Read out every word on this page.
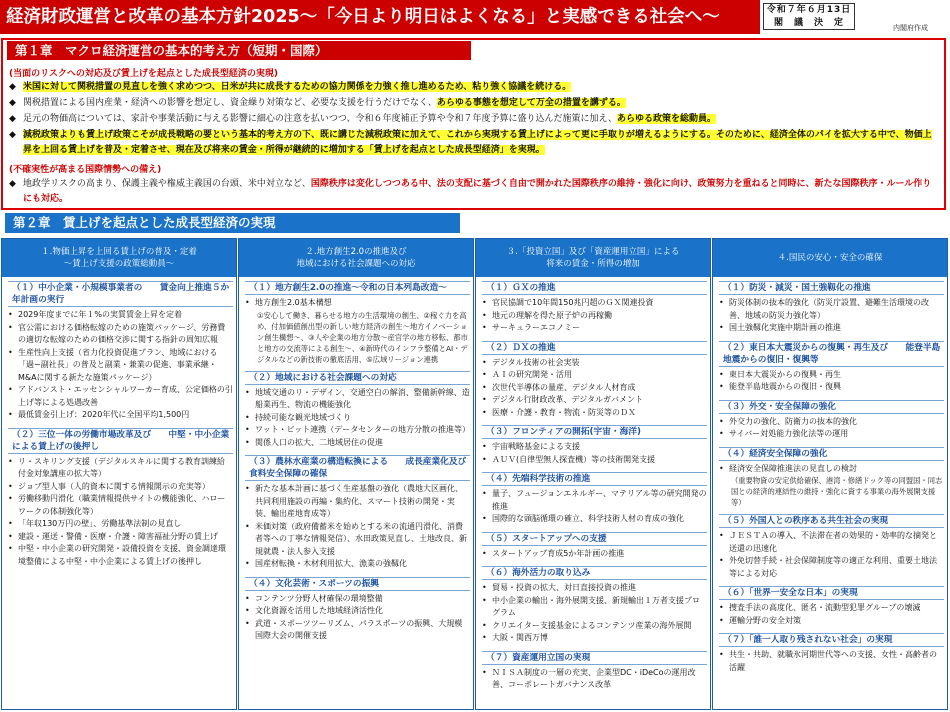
経済財政運営と改革の基本方針2025～「今日より明日はよくなる」と実感できる社会へ～	令和７年６月13日
閣　議　決　定
内閣府作成
第１章　マクロ経済運営の基本的考え方（短期・国際）
(当面のリスクへの対応及び賃上げを起点とした成長型経済の実現)
◆ 米国に対して関税措置の見直しを強く求めつつ、日米が共に成長するための協力関係を力強く推し進めるため、粘り強く協議を続ける。
◆ 関税措置による国内産業・経済への影響を想定し、資金繰り対策など、必要な支援を行うだけでなく、あらゆる事態を想定して万全の措置を講ずる。
◆ 足元の物価高については、家計や事業活動に与える影響に細心の注意を払いつつ、令和６年度補正予算や令和７年度予算に盛り込んだ施策に加え、あらゆる政策を総動員。
◆ 減税政策よりも賃上げ政策こそが成長戦略の要という基本的考え方の下、既に講じた減税政策に加えて、これから実現する賃上げによって更に手取りが増えるようにする。そのために、経済全体のパイを拡大する中で、物価上昇を上回る賃上げを普及・定着させ、現在及び将来の賃金・所得が継続的に増加する「賃上げを起点とした成長型経済」を実現。
(不確実性が高まる国際情勢への備え)
◆ 地政学リスクの高まり、保護主義や権威主義国の台頭、米中対立など、国際秩序は変化しつつある中、法の支配に基づく自由で開かれた国際秩序の維持・強化に向け、政策努力を重ねると同時に、新たな国際秩序・ルール作りにも対応。
第２章　賃上げを起点とした成長型経済の実現
１.物価上昇を上回る賃上げの普及・定着
～賃上げ支援の政策総動員～
（１）中小企業・小規模事業者の　　賃金向上推進５か年計画の実行
• 2029年度までに年１%の実質賃金上昇を定着
• 官公需における価格転嫁のための施策パッケージ、労務費の適切な転嫁のための価格交渉に関する指針の周知広報
• 生産性向上支援（省力化投資促進プラン、地域における「過~副社長」の普及と副業・兼業の促進、事業承継・M&Aに関する新たな施策パッケージ）
• アドバンスト・エッセンシャルワーカー育成、公定価格の引上げ等による処遇改善
• 最低賃金引上げ：2020年代に全国平均1,500円
（２）三位一体の労働市場改革及び　　中堅・中小企業による賃上げの後押し
• リ・スキリング支援（デジタルスキルに関する教育訓練給付金対象講座の拡大等）
• ジョブ型人事（人的資本に関する情報開示の充実等）
• 労働移動円滑化（職業情報提供サイトの機能強化、ハローワークの体制強化等）
• 「年収130万円の壁」、労働基準法制の見直し
• 建設・運送・警備・医療・介護・障害福祉分野の賃上げ
• 中堅・中小企業の研究開発・設備投資を支援、資金調達環境整備による中堅・中小企業による賃上げの後押し
２.地方創生2.0の推進及び
地域における社会課題への対応
（１）地方創生2.0の推進～令和の日本列島改造～
• 地方創生2.0基本構想
①安心して働き、暮らせる地方の生活環境の創生、②稼ぐ力を高め、付加価値創出型の新しい地方経済の創生～地方イノベーション創生構想～、③人や企業の地方分散～産官学の地方移転、都市と地方の交流等による創生～、④新時代のインフラ整備とAI・デジタルなどの新技術の徹底活用、⑤広域リージョン連携
（２）地域における社会課題への対応
• 地域交通のリ・デザイン、交通空白の解消、整備新幹線、造船業再生、物流の機能強化
• 持続可能な観光地域づくり
• ワット・ビット連携（データセンターの地方分散の推進等）
• 関係人口の拡大、二地域居住の促進
（３）農林水産業の構造転換による　　成長産業化及び食料安全保障の確保
• 新たな基本計画に基づく生産基盤の強化（農地大区画化、共同利用施設の再編・集約化、スマート技術の開発・実装、輸出産地育成等）
• 米価対策（政府備蓄米を始めとする米の流通円滑化、消費者等への丁寧な情報発信）、水田政策見直し、土地改良、新規就農・法人参入支援
• 国産材転換・木材利用拡大、漁業の強靱化
（４）文化芸術・スポーツの振興
• コンテンツ分野人材確保の環境整備
• 文化資源を活用した地域経済活性化
• 武道・スポーツツーリズム、パラスポーツの振興、大規模国際大会の開催支援
３.「投資立国」及び「資産運用立国」による
将来の賃金・所得の増加
（１）ＧＸの推進
• 官民協調で10年間150兆円超のＧＸ関連投資
• 地元の理解を得た原子炉の再稼働
• サーキュラーエコノミー
（２）ＤＸの推進
• デジタル技術の社会実装
• ＡＩの研究開発・活用
• 次世代半導体の量産、デジタル人材育成
• デジタル行財政改革、デジタルガバメント
• 医療・介護・教育・物流・防災等のＤＸ
（３）フロンティアの開拓(宇宙・海洋)
• 宇宙戦略基金による支援
• ＡＵＶ(自律型無人探査機）等の技術開発支援
（４）先端科学技術の推進
• 量子、フュージョンエネルギー、マテリアル等の研究開発の推進
• 国際的な頭脳循環の確立、科学技術人材の育成の強化
（５）スタートアップへの支援
• スタートアップ育成5か年計画の推進
（６）海外活力の取り込み
• 貿易・投資の拡大、対日直接投資の推進
• 中小企業の輸出・海外展開支援、新規輸出１万者支援プログラム
• クリエイター支援基金によるコンテンツ産業の海外展開
• 大阪・関西万博
（７）資産運用立国の実現
• ＮＩＳＡ制度の一層の充実、企業型DC・iDeCoの運用改善、コーポレートガバナンス改革
４.国民の安心・安全の確保
（１）防災・減災・国土強靱化の推進
• 防災体制の抜本的強化（防災庁設置、避難生活環境の改善、地域の防災力強化等）
• 国土強靱化実施中期計画の推進
（２）東日本大震災からの復興・再生及び　　能登半島地震からの復旧・復興等
• 東日本大震災からの復興・再生
• 能登半島地震からの復旧・復興
（３）外交・安全保障の強化
• 外交力の強化、防衛力の抜本的強化
• サイバー対処能力強化法等の運用
（４）経済安全保障の強化
• 経済安全保障推進法の見直しの検討
（重要物資の安定供給確保、港湾・修繕ドック等の同盟国・同志国との経済的連結性の維持・強化に資する事業の海外展開支援等）
（５）外国人との秩序ある共生社会の実現
• ＪＥＳＴＡの導入、不法滞在者の効果的・効率的な摘発と送還の迅速化
• 外免切替手続・社会保障制度等の適正な利用、重要土地法等による対応
（６）「世界一安全な日本」の実現
• 捜査手法の高度化、匿名・流動型犯罪グループの壊滅
• 運輸分野の安全対策
（７）「誰一人取り残されない社会」の実現
• 共生・共助、就職氷河期世代等への支援、女性・高齢者の活躍
